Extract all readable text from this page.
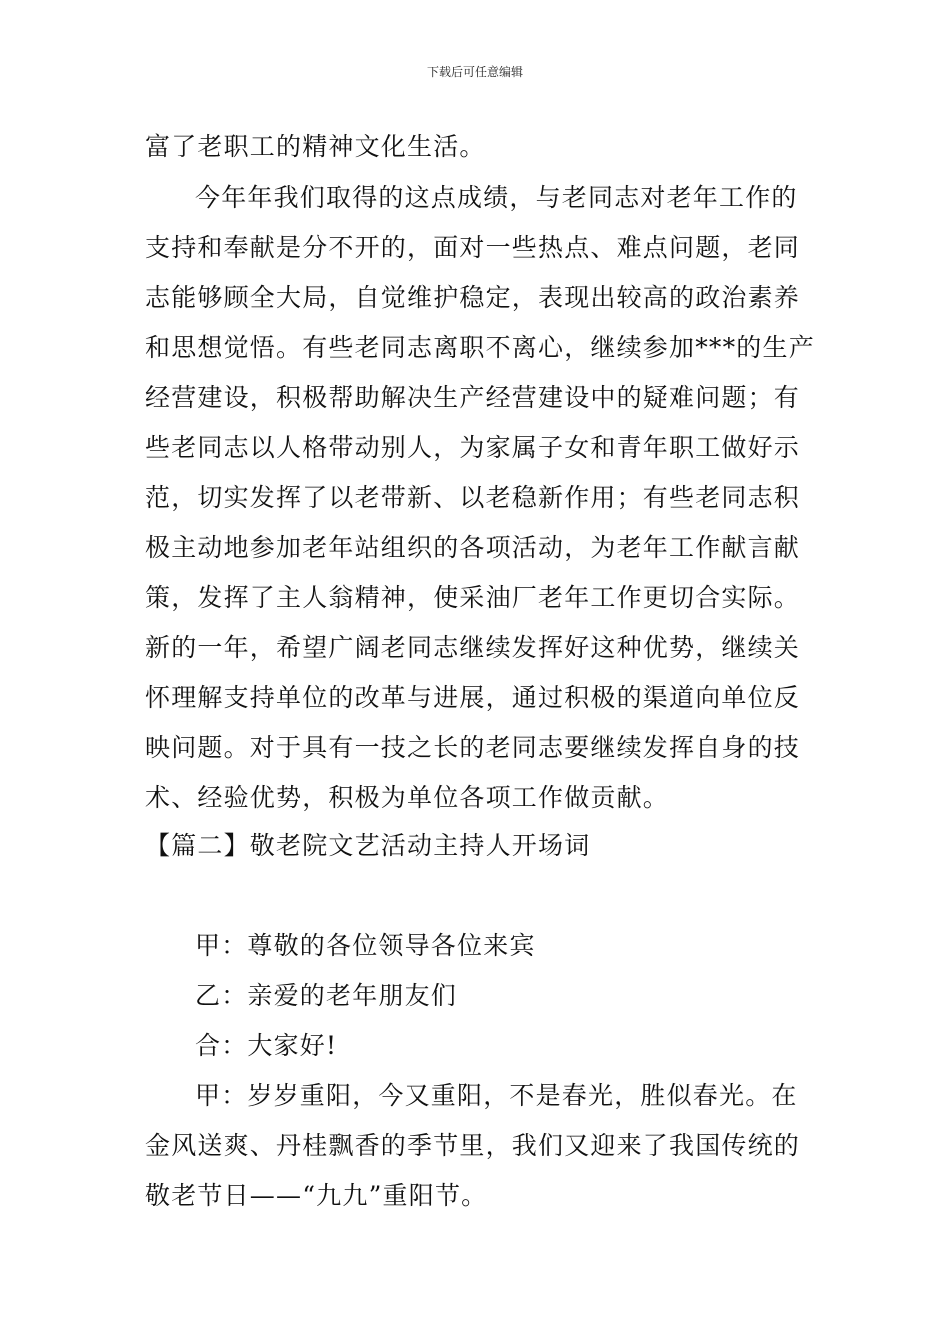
下载后可任意编辑
富了老职工的精神文化生活。
今年年我们取得的这点成绩，与老同志对老年工作的
支持和奉献是分不开的，面对一些热点、难点问题，老同
志能够顾全大局，自觉维护稳定，表现出较高的政治素养
和思想觉悟。有些老同志离职不离心，继续参加***的生产
经营建设，积极帮助解决生产经营建设中的疑难问题；有
些老同志以人格带动别人，为家属子女和青年职工做好示
范，切实发挥了以老带新、以老稳新作用；有些老同志积
极主动地参加老年站组织的各项活动，为老年工作献言献
策，发挥了主人翁精神，使采油厂老年工作更切合实际。
新的一年，希望广阔老同志继续发挥好这种优势，继续关
怀理解支持单位的改革与进展，通过积极的渠道向单位反
映问题。对于具有一技之长的老同志要继续发挥自身的技
术、经验优势，积极为单位各项工作做贡献。
【篇二】敬老院文艺活动主持人开场词
甲：尊敬的各位领导各位来宾
乙：亲爱的老年朋友们
合：大家好!
甲：岁岁重阳，今又重阳，不是春光，胜似春光。在
金风送爽、丹桂飘香的季节里，我们又迎来了我国传统的
敬老节日——“九九”重阳节。
